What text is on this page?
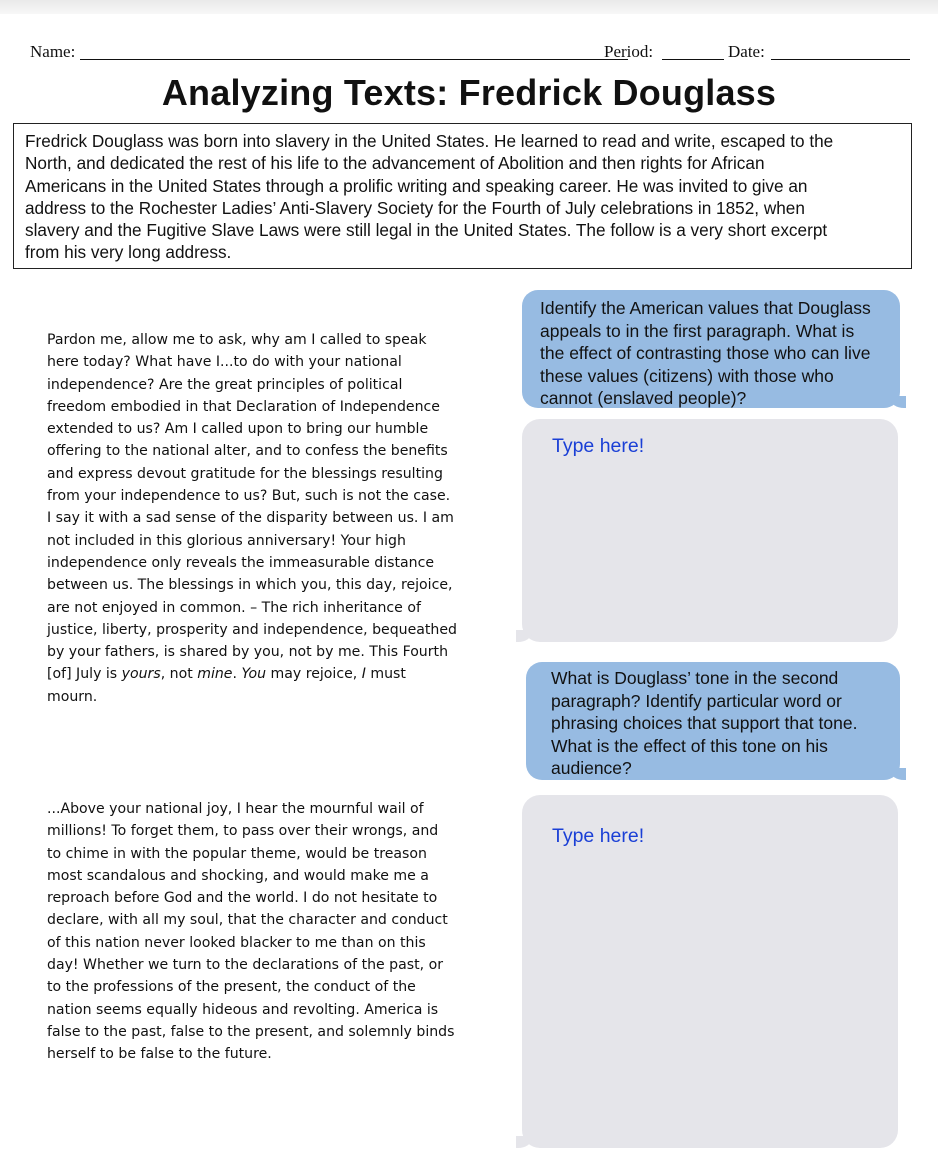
Name:	Period:	Date:
Analyzing Texts: Fredrick Douglass
Fredrick Douglass was born into slavery in the United States. He learned to read and write, escaped to the
North, and dedicated the rest of his life to the advancement of Abolition and then rights for African
Americans in the United States through a prolific writing and speaking career. He was invited to give an
address to the Rochester Ladies’ Anti-Slavery Society for the Fourth of July celebrations in 1852, when
slavery and the Fugitive Slave Laws were still legal in the United States. The follow is a very short excerpt
from his very long address.
Pardon me, allow me to ask, why am I called to speak
here today? What have I...to do with your national
independence? Are the great principles of political
freedom embodied in that Declaration of Independence
extended to us? Am I called upon to bring our humble
offering to the national alter, and to confess the benefits
and express devout gratitude for the blessings resulting
from your independence to us? But, such is not the case.
I say it with a sad sense of the disparity between us. I am
not included in this glorious anniversary! Your high
independence only reveals the immeasurable distance
between us. The blessings in which you, this day, rejoice,
are not enjoyed in common. – The rich inheritance of
justice, liberty, prosperity and independence, bequeathed
by your fathers, is shared by you, not by me. This Fourth
[of] July is yours, not mine. You may rejoice, I must
mourn.
...Above your national joy, I hear the mournful wail of
millions! To forget them, to pass over their wrongs, and
to chime in with the popular theme, would be treason
most scandalous and shocking, and would make me a
reproach before God and the world. I do not hesitate to
declare, with all my soul, that the character and conduct
of this nation never looked blacker to me than on this
day! Whether we turn to the declarations of the past, or
to the professions of the present, the conduct of the
nation seems equally hideous and revolting. America is
false to the past, false to the present, and solemnly binds
herself to be false to the future.
Identify the American values that Douglass
appeals to in the first paragraph. What is
the effect of contrasting those who can live
these values (citizens) with those who
cannot (enslaved people)?
Type here!
What is Douglass’ tone in the second
paragraph? Identify particular word or
phrasing choices that support that tone.
What is the effect of this tone on his
audience?
Type here!
